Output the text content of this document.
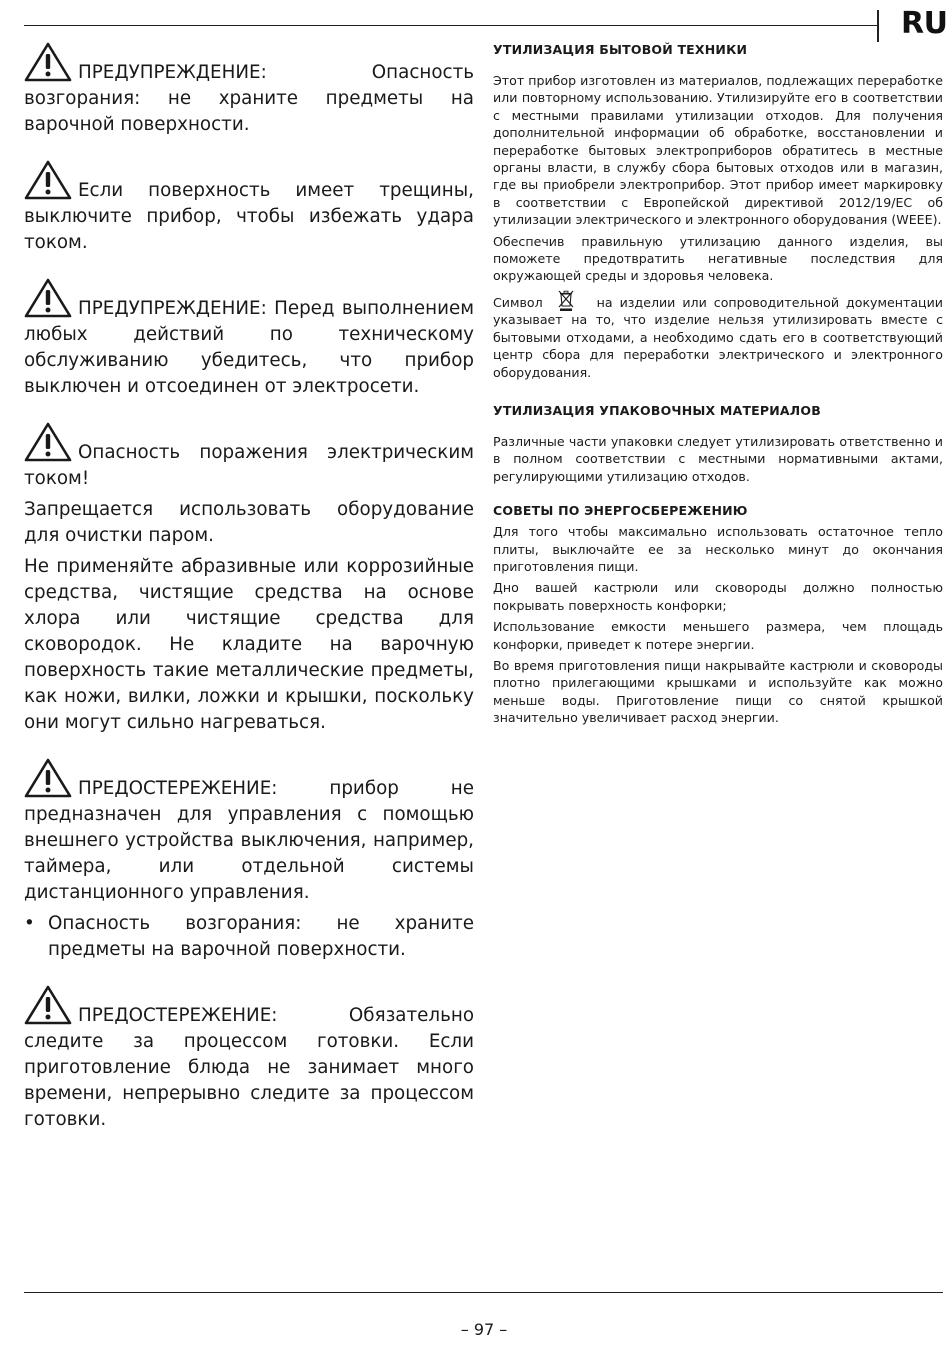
RU

ПРЕДУПРЕЖДЕНИЕ:	Опасность возгорания: не храните предметы на варочной поверхности.

Если поверхность имеет трещины, выключите прибор, чтобы избежать удара током.

ПРЕДУПРЕЖДЕНИЕ: Перед выполнением любых действий по техническому обслуживанию убедитесь, что прибор выключен и отсоединен от электросети.

Опасность поражения электрическим током!

Запрещается использовать оборудование для очистки паром.

Не применяйте абразивные или коррозийные средства, чистящие средства на основе хлора или чистящие средства для сковородок. Не кладите на варочную поверхность такие металлические предметы, как ножи, вилки, ложки и крышки, поскольку они могут сильно нагреваться.

ПРЕДОСТЕРЕЖЕНИЕ:	прибор не предназначен для управления с помощью внешнего устройства выключения, например, таймера, или отдельной системы дистанционного управления.

• Опасность возгорания: не храните предметы на варочной поверхности.

ПРЕДОСТЕРЕЖЕНИЕ:	Обязательно следите за процессом готовки. Если приготовление блюда не занимает много времени, непрерывно следите за процессом готовки.

УТИЛИЗАЦИЯ БЫТОВОЙ ТЕХНИКИ

Этот прибор изготовлен из материалов, подлежащих переработке или повторному использованию. Утилизируйте его в соответствии с местными правилами утилизации отходов. Для получения дополнительной информации об обработке, восстановлении и переработке бытовых электроприборов обратитесь в местные органы власти, в службу сбора бытовых отходов или в магазин, где вы приобрели электроприбор. Этот прибор имеет маркировку в соответствии с Европейской директивой 2012/19/EC об утилизации электрического и электронного оборудования (WEEE).

Обеспечив правильную утилизацию данного изделия, вы поможете предотвратить негативные последствия для окружающей среды и здоровья человека.

Символ	на изделии или сопроводительной документации указывает на то, что изделие нельзя утилизировать вместе с бытовыми отходами, а необходимо сдать его в соответствующий центр сбора для переработки электрического и электронного оборудования.

УТИЛИЗАЦИЯ УПАКОВОЧНЫХ МАТЕРИАЛОВ

Различные части упаковки следует утилизировать ответственно и в полном соответствии с местными нормативными актами, регулирующими утилизацию отходов.

СОВЕТЫ ПО ЭНЕРГОСБЕРЕЖЕНИЮ

Для того чтобы максимально использовать остаточное тепло плиты, выключайте ее за несколько минут до окончания приготовления пищи.

Дно вашей кастрюли или сковороды должно полностью покрывать поверхность конфорки;

Использование емкости меньшего размера, чем площадь конфорки, приведет к потере энергии.

Во время приготовления пищи накрывайте кастрюли и сковороды плотно прилегающими крышками и используйте как можно меньше воды. Приготовление пищи со снятой крышкой значительно увеличивает расход энергии.

– 97 –
